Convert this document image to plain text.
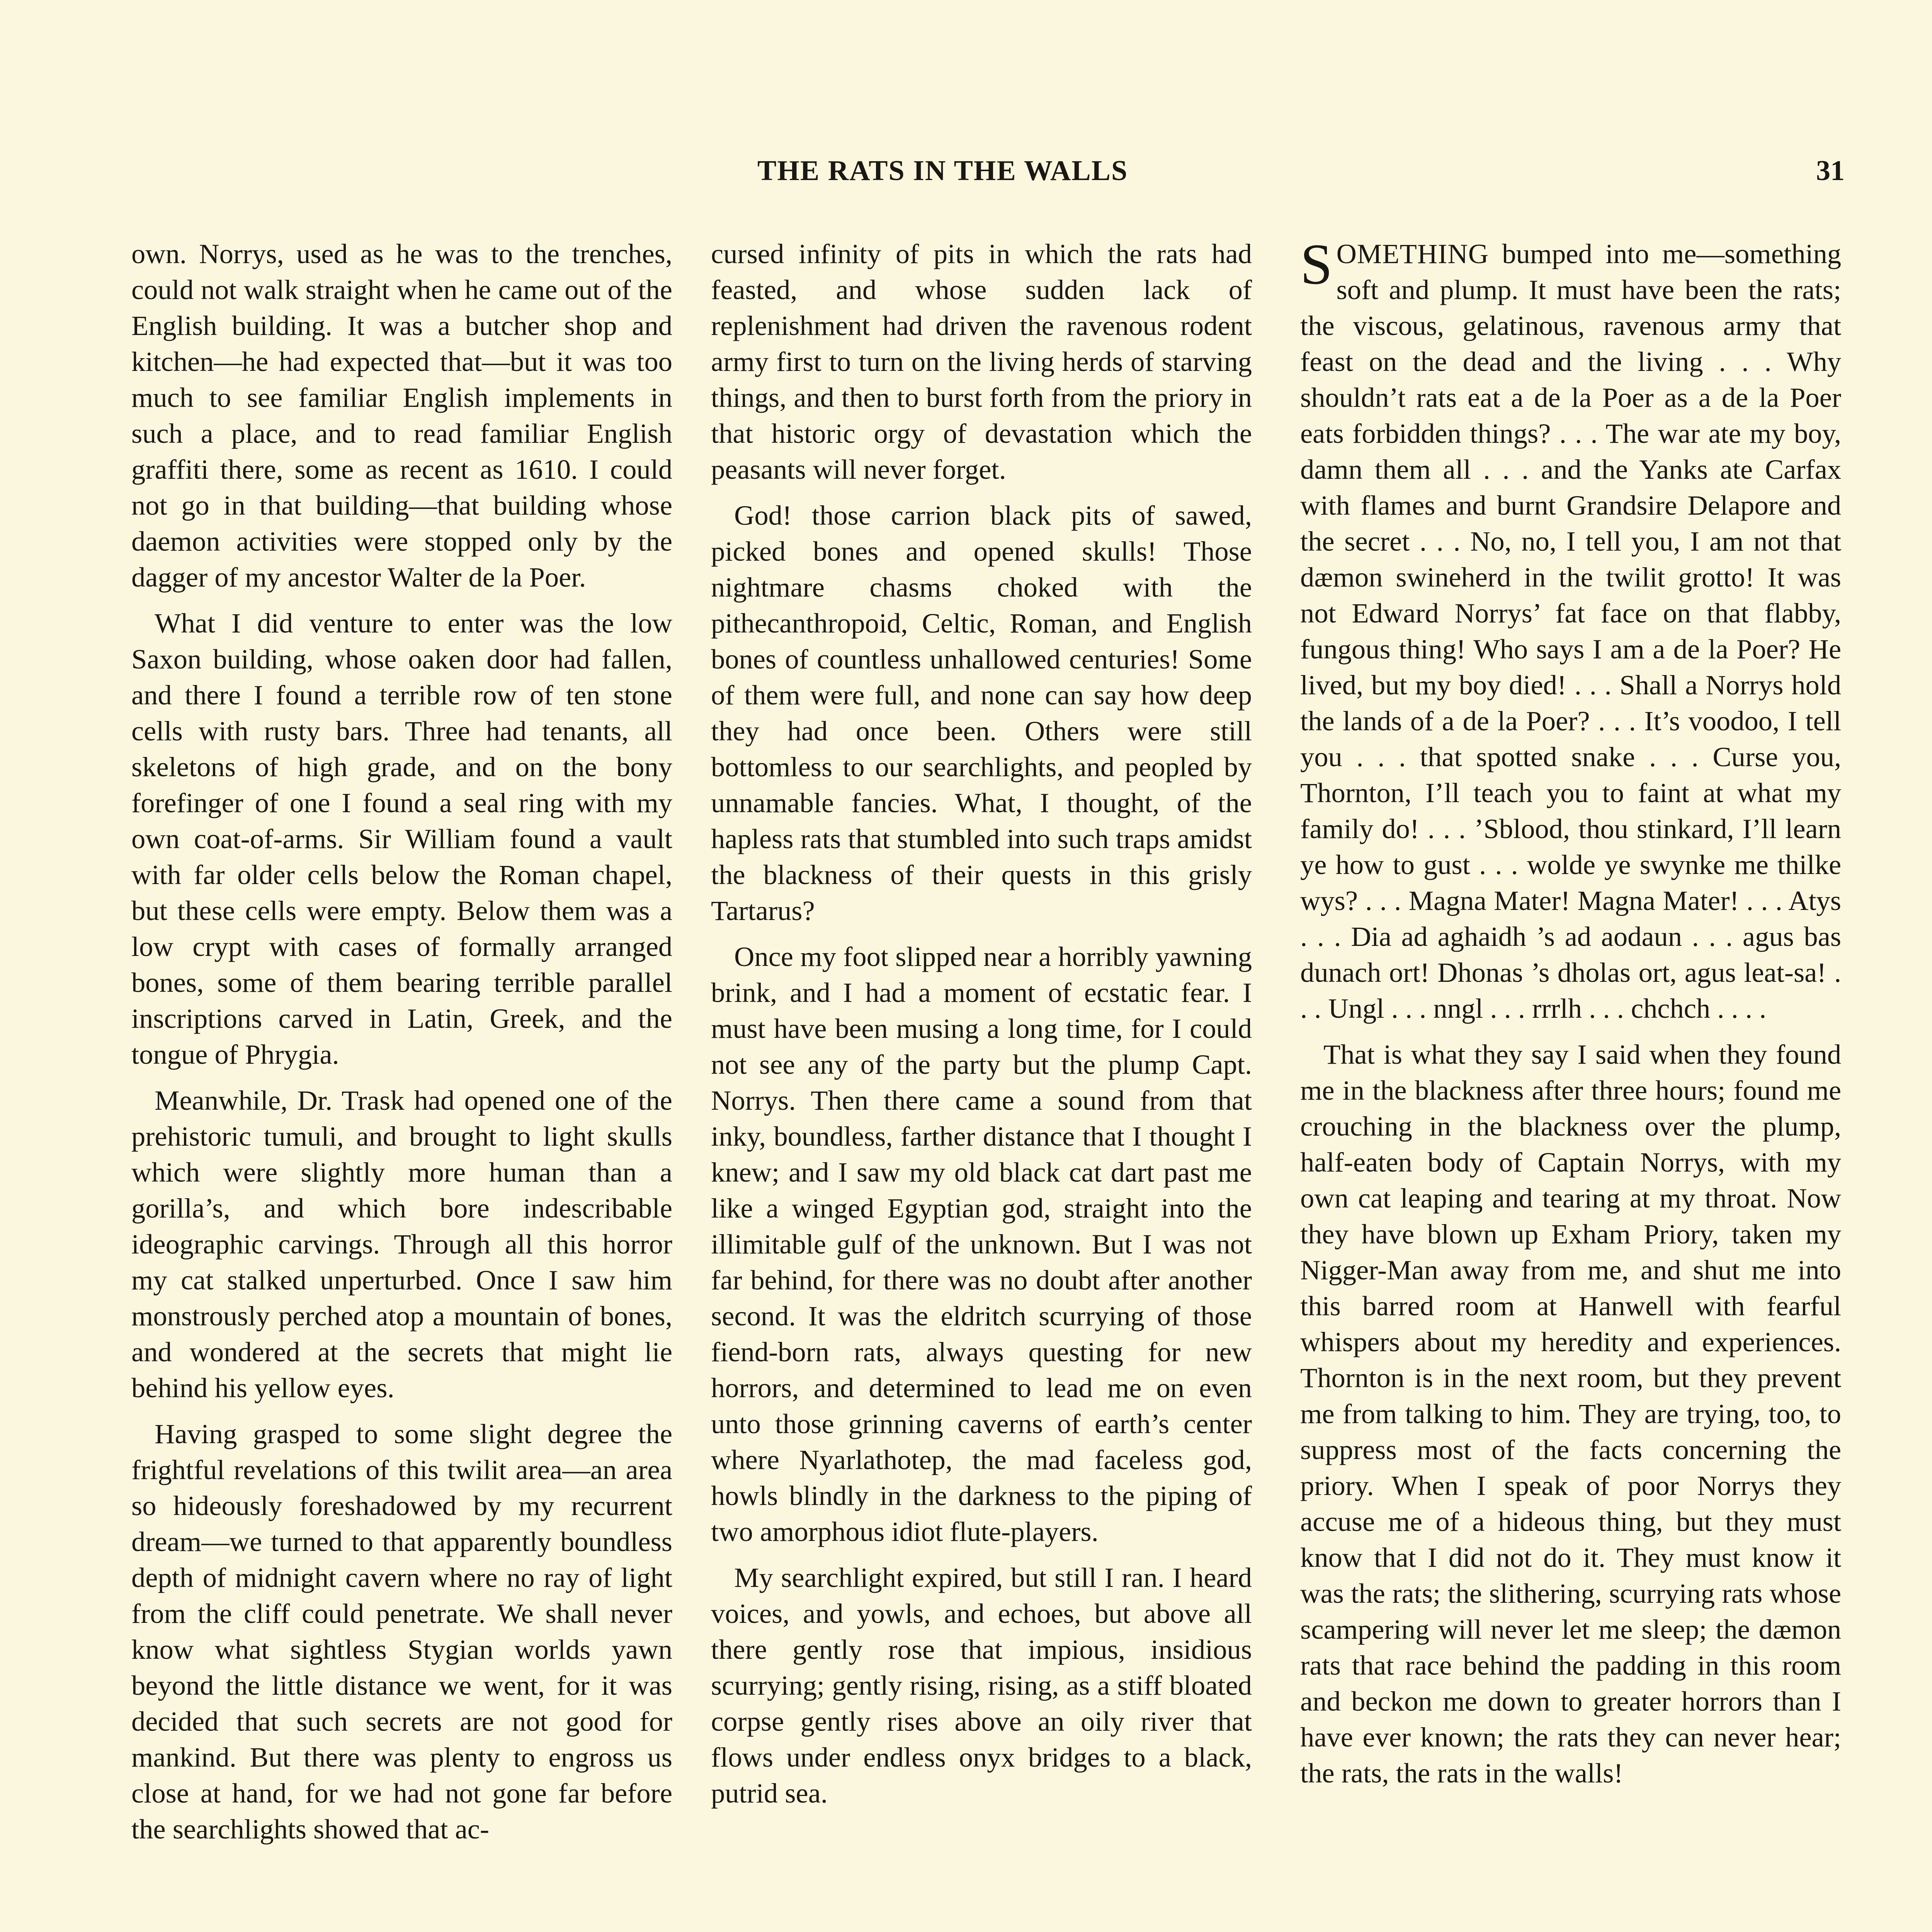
THE RATS IN THE WALLS	31

own. Norrys, used as he was to the trenches, could not walk straight when he came out of the English building. It was a butcher shop and kitchen—he had expected that—but it was too much to see familiar English implements in such a place, and to read familiar English graffiti there, some as recent as 1610. I could not go in that building—that building whose daemon activities were stopped only by the dagger of my ancestor Walter de la Poer.

What I did venture to enter was the low Saxon building, whose oaken door had fallen, and there I found a terrible row of ten stone cells with rusty bars. Three had tenants, all skeletons of high grade, and on the bony forefinger of one I found a seal ring with my own coat-of-arms. Sir William found a vault with far older cells below the Roman chapel, but these cells were empty. Below them was a low crypt with cases of formally arranged bones, some of them bearing terrible parallel inscriptions carved in Latin, Greek, and the tongue of Phrygia.

Meanwhile, Dr. Trask had opened one of the prehistoric tumuli, and brought to light skulls which were slightly more human than a gorilla’s, and which bore indescribable ideographic carvings. Through all this horror my cat stalked unperturbed. Once I saw him monstrously perched atop a mountain of bones, and wondered at the secrets that might lie behind his yellow eyes.

Having grasped to some slight degree the frightful revelations of this twilit area—an area so hideously foreshadowed by my recurrent dream—we turned to that apparently boundless depth of midnight cavern where no ray of light from the cliff could penetrate. We shall never know what sightless Stygian worlds yawn beyond the little distance we went, for it was decided that such secrets are not good for mankind. But there was plenty to engross us close at hand, for we had not gone far before the searchlights showed that ac-

cursed infinity of pits in which the rats had feasted, and whose sudden lack of replenishment had driven the ravenous rodent army first to turn on the living herds of starving things, and then to burst forth from the priory in that historic orgy of devastation which the peasants will never forget.

God! those carrion black pits of sawed, picked bones and opened skulls! Those nightmare chasms choked with the pithecanthropoid, Celtic, Roman, and English bones of countless unhallowed centuries! Some of them were full, and none can say how deep they had once been. Others were still bottomless to our searchlights, and peopled by unnamable fancies. What, I thought, of the hapless rats that stumbled into such traps amidst the blackness of their quests in this grisly Tartarus?

Once my foot slipped near a horribly yawning brink, and I had a moment of ecstatic fear. I must have been musing a long time, for I could not see any of the party but the plump Capt. Norrys. Then there came a sound from that inky, boundless, farther distance that I thought I knew; and I saw my old black cat dart past me like a winged Egyptian god, straight into the illimitable gulf of the unknown. But I was not far behind, for there was no doubt after another second. It was the eldritch scurrying of those fiend-born rats, always questing for new horrors, and determined to lead me on even unto those grinning caverns of earth’s center where Nyarlathotep, the mad faceless god, howls blindly in the darkness to the piping of two amorphous idiot flute-players.

My searchlight expired, but still I ran. I heard voices, and yowls, and echoes, but above all there gently rose that impious, insidious scurrying; gently rising, rising, as a stiff bloated corpse gently rises above an oily river that flows under endless onyx bridges to a black, putrid sea.

SOMETHING bumped into me—something soft and plump. It must have been the rats; the viscous, gelatinous, ravenous army that feast on the dead and the living . . . Why shouldn’t rats eat a de la Poer as a de la Poer eats forbidden things? . . . The war ate my boy, damn them all . . . and the Yanks ate Carfax with flames and burnt Grandsire Delapore and the secret . . . No, no, I tell you, I am not that dæmon swineherd in the twilit grotto! It was not Edward Norrys’ fat face on that flabby, fungous thing! Who says I am a de la Poer? He lived, but my boy died! . . . Shall a Norrys hold the lands of a de la Poer? . . . It’s voodoo, I tell you . . . that spotted snake . . . Curse you, Thornton, I’ll teach you to faint at what my family do! . . . ’Sblood, thou stinkard, I’ll learn ye how to gust . . . wolde ye swynke me thilke wys? . . . Magna Mater! Magna Mater! . . . Atys . . . Dia ad aghaidh ’s ad aodaun . . . agus bas dunach ort! Dhonas ’s dholas ort, agus leat-sa! . . . Ungl . . . nngl . . . rrrlh . . . chchch . . . .

That is what they say I said when they found me in the blackness after three hours; found me crouching in the blackness over the plump, half-eaten body of Captain Norrys, with my own cat leaping and tearing at my throat. Now they have blown up Exham Priory, taken my Nigger-Man away from me, and shut me into this barred room at Hanwell with fearful whispers about my heredity and experiences. Thornton is in the next room, but they prevent me from talking to him. They are trying, too, to suppress most of the facts concerning the priory. When I speak of poor Norrys they accuse me of a hideous thing, but they must know that I did not do it. They must know it was the rats; the slithering, scurrying rats whose scampering will never let me sleep; the dæmon rats that race behind the padding in this room and beckon me down to greater horrors than I have ever known; the rats they can never hear; the rats, the rats in the walls!
